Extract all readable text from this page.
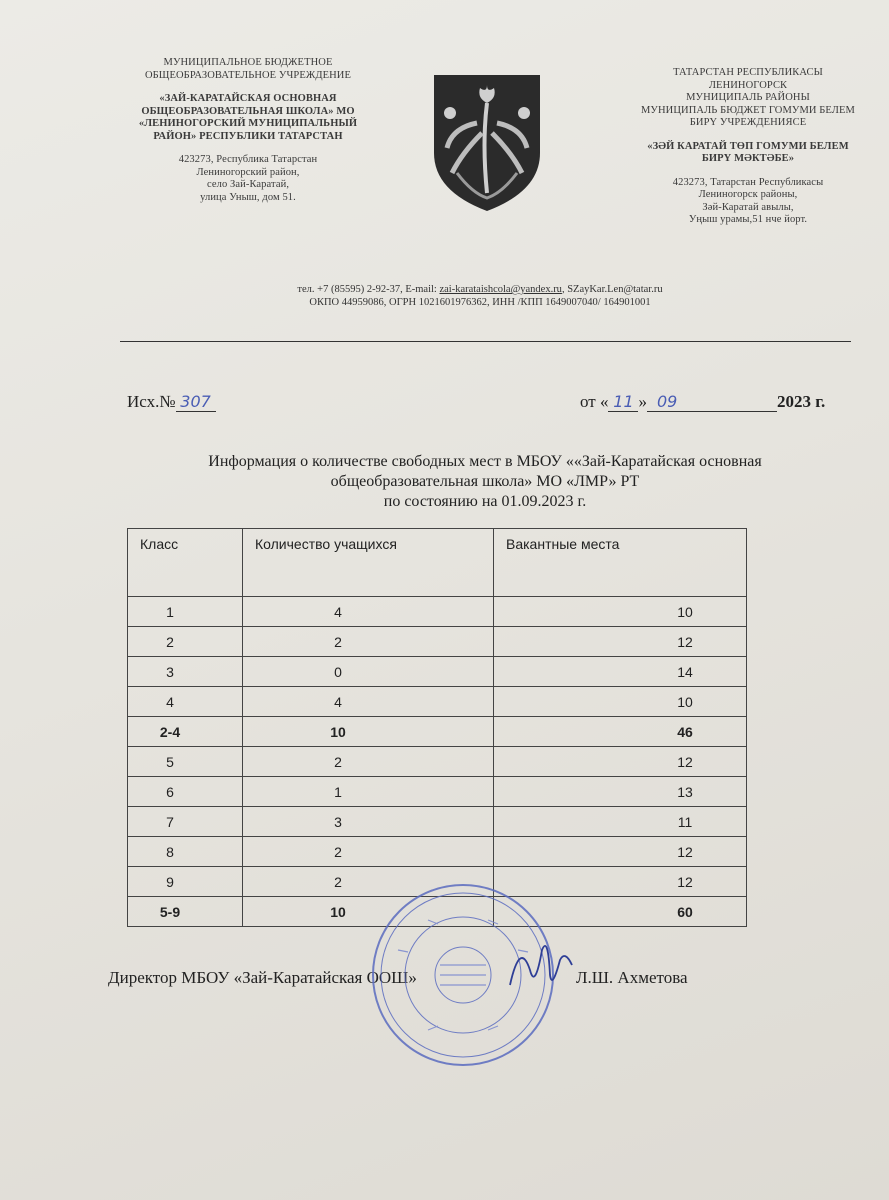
МУНИЦИПАЛЬНОЕ БЮДЖЕТНОЕ
ОБЩЕОБРАЗОВАТЕЛЬНОЕ УЧРЕЖДЕНИЕ
«ЗАЙ-КАРАТАЙСКАЯ ОСНОВНАЯ
ОБЩЕОБРАЗОВАТЕЛЬНАЯ ШКОЛА» МО
«ЛЕНИНОГОРСКИЙ МУНИЦИПАЛЬНЫЙ
РАЙОН» РЕСПУБЛИКИ ТАТАРСТАН
423273, Республика Татарстан
Лениногорский район,
село Зай-Каратай,
улица Уныш, дом 51.
ТАТАРСТАН РЕСПУБЛИКАСЫ
ЛЕНИНОГОРСК
МУНИЦИПАЛЬ РАЙОНЫ
МУНИЦИПАЛЬ БЮДЖЕТ ГОМУМИ БЕЛЕМ
БИРҮ УЧРЕЖДЕНИЯСЕ
«ЗӘЙ КАРАТАЙ ТӨП ГОМУМИ БЕЛЕМ
БИРҮ МӘКТӘБЕ»
423273, Татарстан Республикасы
Лениногорск районы,
Зәй-Каратай авылы,
Уңыш урамы,51 нче йорт.
тел. +7 (85595) 2-92-37, E-mail: zai-karataishcola@yandex.ru, SZayKar.Len@tatar.ru
ОКПО 44959086, ОГРН 1021601976362, ИНН /КПП 1649007040/ 164901001
Исх.№ 307	от « 11 » 09	2023 г.
Информация о количестве свободных мест в МБОУ ««Зай-Каратайская основная
общеобразовательная школа» МО «ЛМР» РТ
по состоянию на 01.09.2023 г.
Класс	Количество учащихся	Вакантные места
1	4	10
2	2	12
3	0	14
4	4	10
2-4	10	46
5	2	12
6	1	13
7	3	11
8	2	12
9	2	12
5-9	10	60
Директор МБОУ «Зай-Каратайская ООШ»	Л.Ш. Ахметова
